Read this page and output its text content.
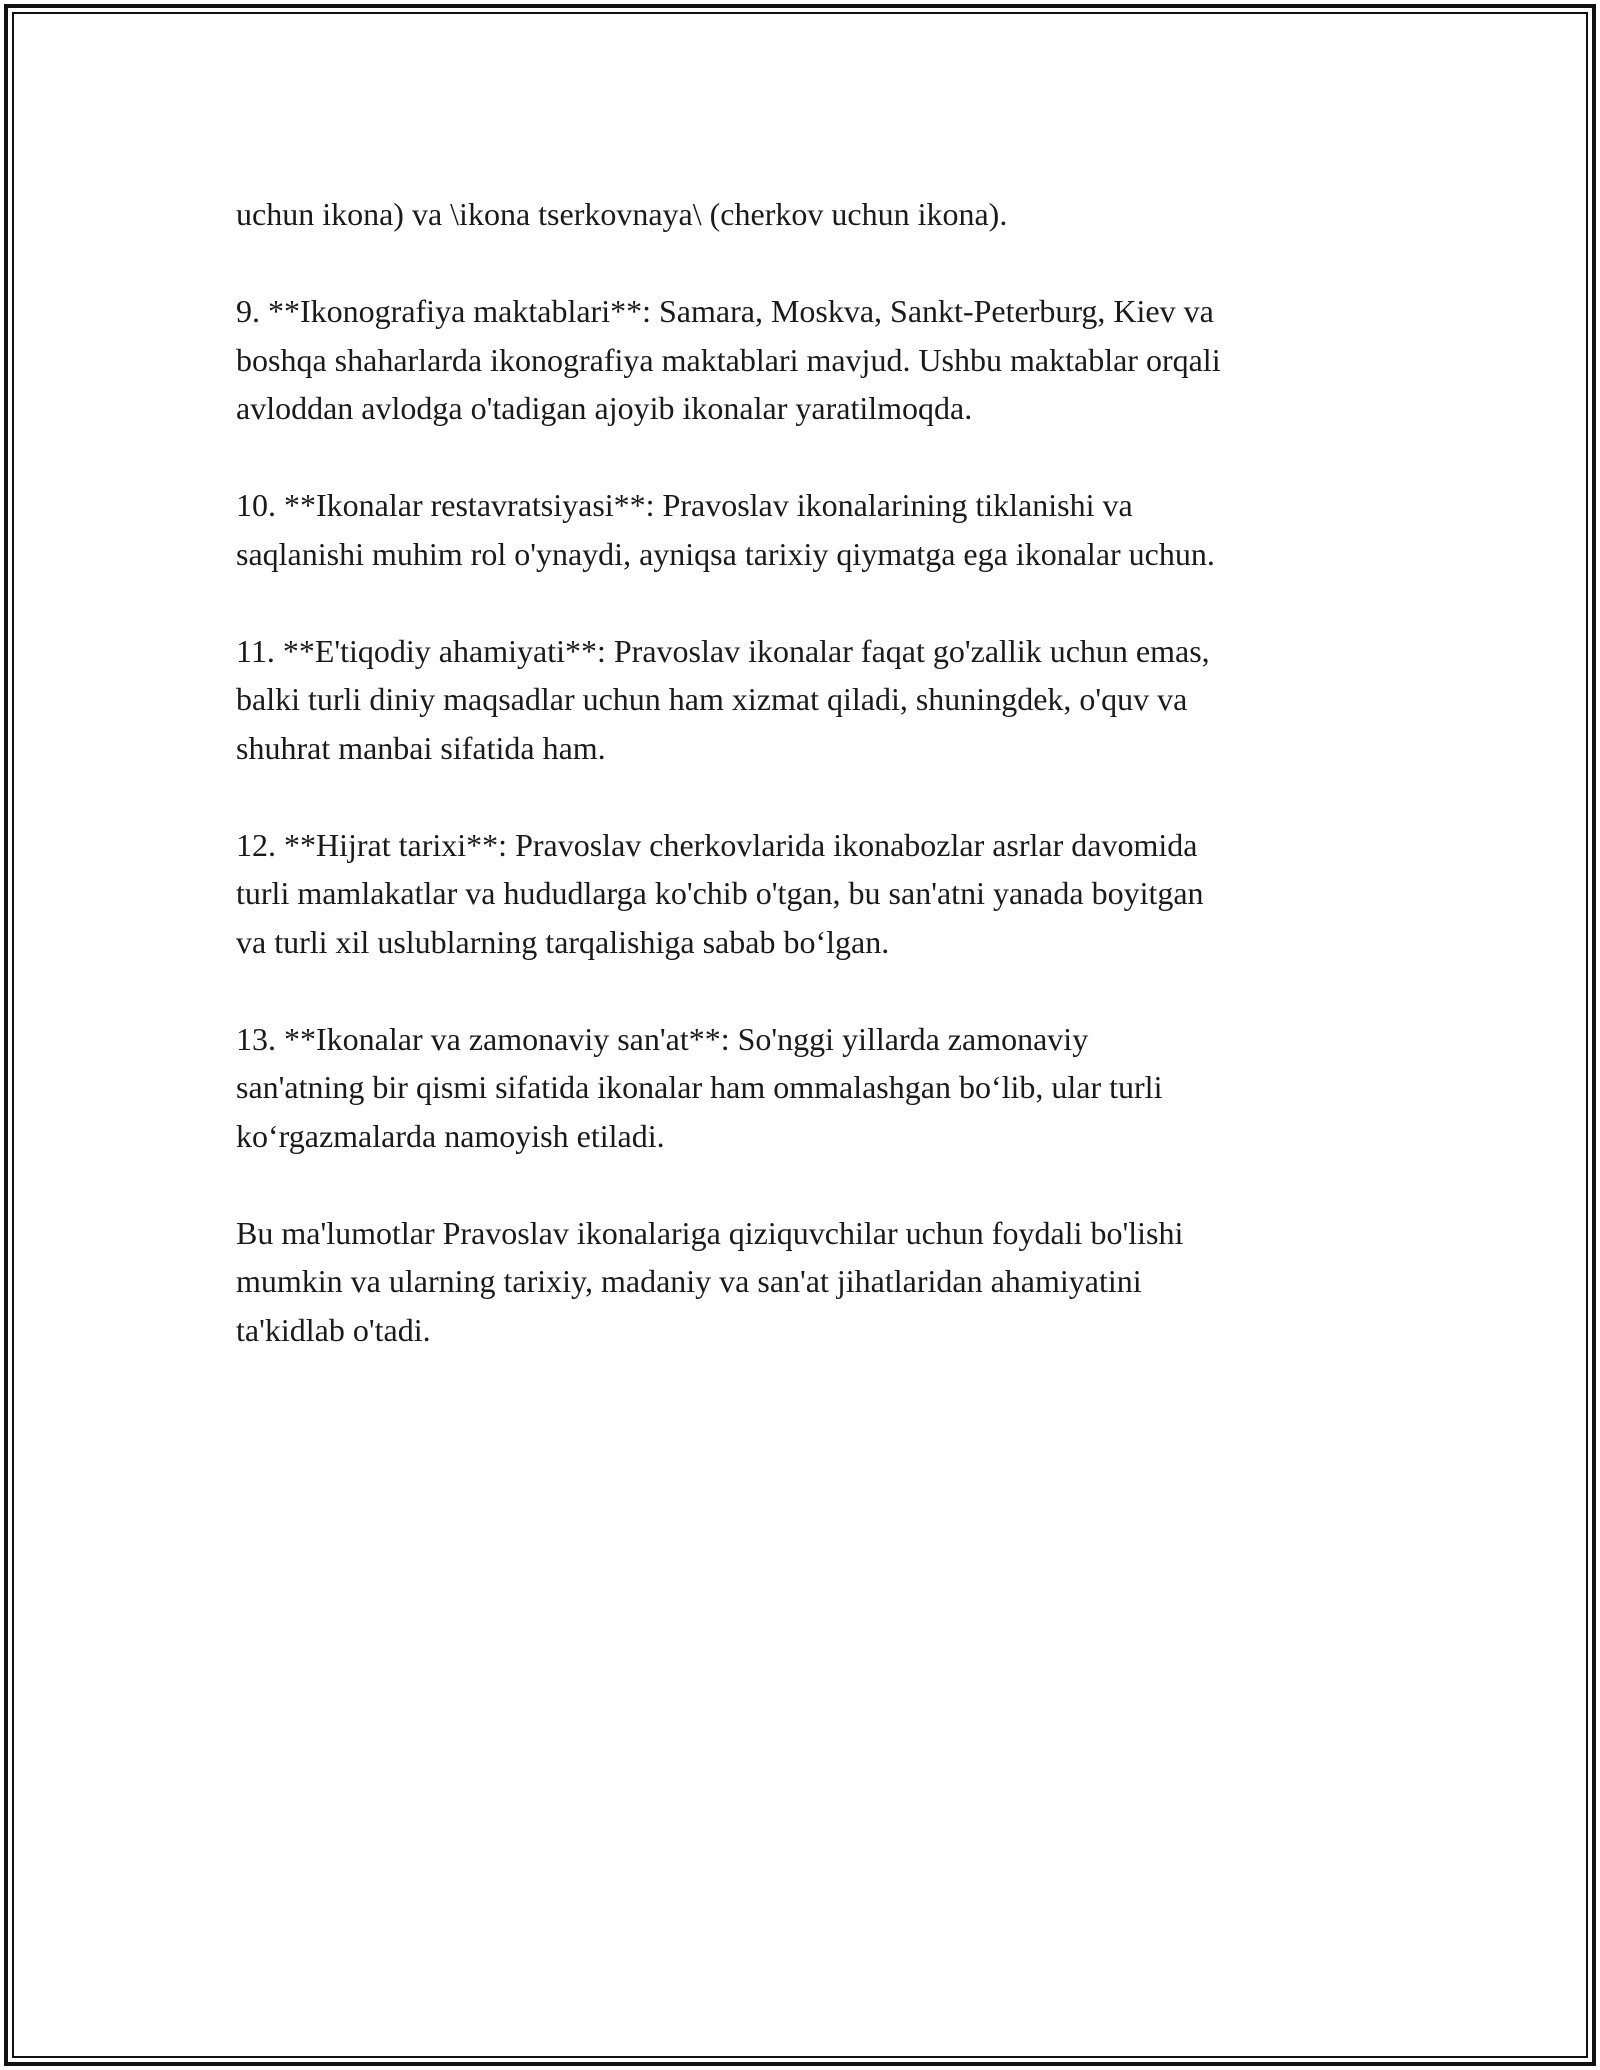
uchun ikona) va \ikona tserkovnaya\ (cherkov uchun ikona).

9. **Ikonografiya maktablari**: Samara, Moskva, Sankt-Peterburg, Kiev va
boshqa shaharlarda ikonografiya maktablari mavjud. Ushbu maktablar orqali
avloddan avlodga o'tadigan ajoyib ikonalar yaratilmoqda.

10. **Ikonalar restavratsiyasi**: Pravoslav ikonalarining tiklanishi va
saqlanishi muhim rol o'ynaydi, ayniqsa tarixiy qiymatga ega ikonalar uchun.

11. **E'tiqodiy ahamiyati**: Pravoslav ikonalar faqat go'zallik uchun emas,
balki turli diniy maqsadlar uchun ham xizmat qiladi, shuningdek, o'quv va
shuhrat manbai sifatida ham.

12. **Hijrat tarixi**: Pravoslav cherkovlarida ikonabozlar asrlar davomida
turli mamlakatlar va hududlarga ko'chib o'tgan, bu san'atni yanada boyitgan
va turli xil uslublarning tarqalishiga sabab bo‘lgan.

13. **Ikonalar va zamonaviy san'at**: So'nggi yillarda zamonaviy
san'atning bir qismi sifatida ikonalar ham ommalashgan bo‘lib, ular turli
ko‘rgazmalarda namoyish etiladi.

Bu ma'lumotlar Pravoslav ikonalariga qiziquvchilar uchun foydali bo'lishi
mumkin va ularning tarixiy, madaniy va san'at jihatlaridan ahamiyatini
ta'kidlab o'tadi.
